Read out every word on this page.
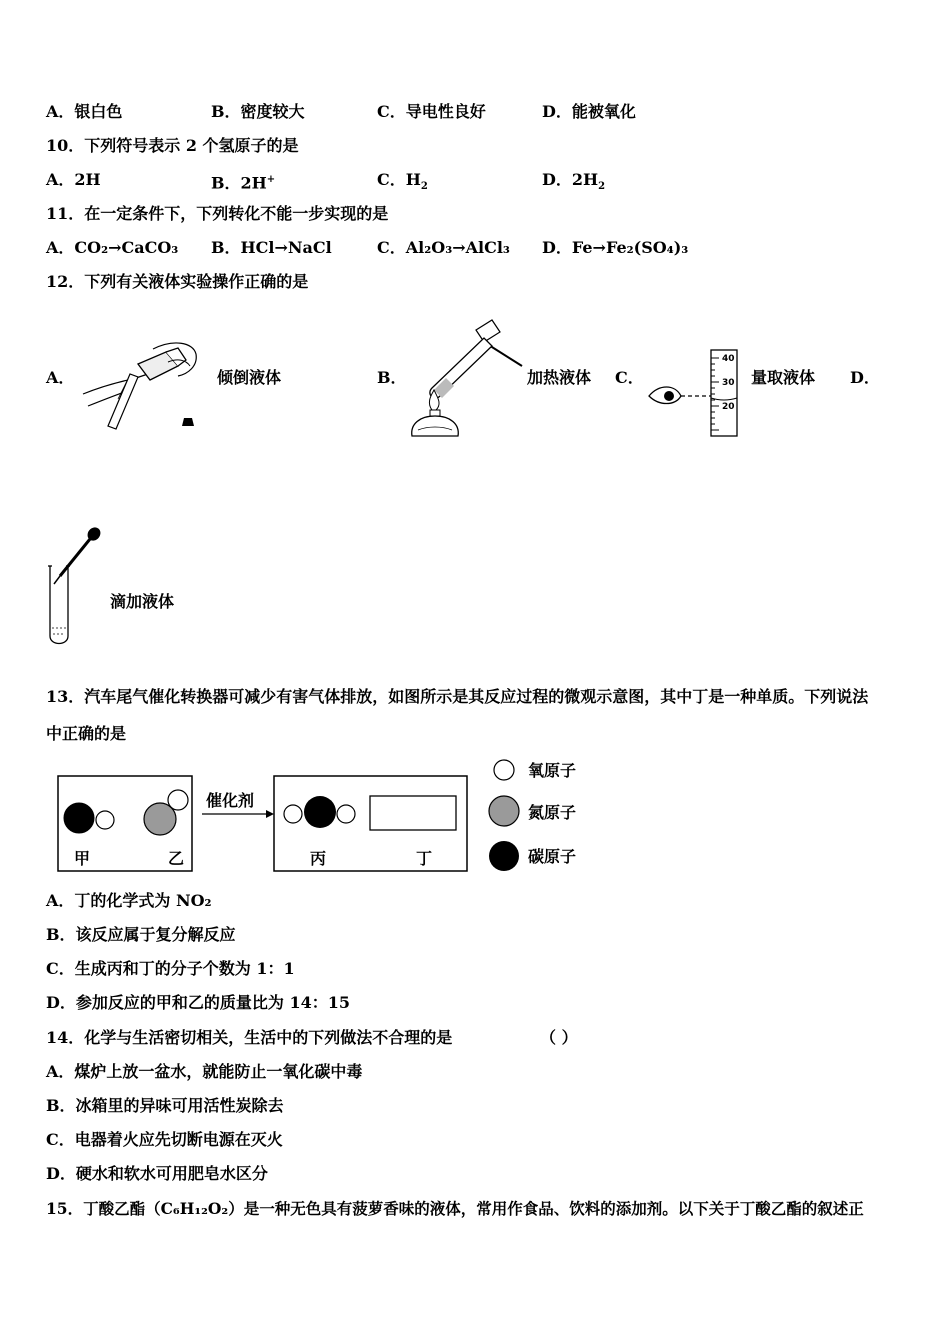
A．银白色	B．密度较大	C．导电性良好	D．能被氧化
10．下列符号表示 2 个氢原子的是
A．2H	B．2H+	C．$H_2$	D．$2H_2$
11．在一定条件下，下列转化不能一步实现的是
A．CO₂→CaCO₃ B．HCl→NaCl	C．Al₂O₃→AlCl₃ D．Fe→Fe₂(SO₄)₃
12．下列有关液体实验操作正确的是
A．	倾倒液体	B．	加热液体 C．
40
30
20
量取液体 D．
滴加液体
13．汽车尾气催化转换器可减少有害气体排放，如图所示是其反应过程的微观示意图，其中丁是一种单质。下列说法
中正确的是
甲	乙
催化剂
丙	丁
氧原子
氮原子
碳原子
A．丁的化学式为 NO₂
B．该反应属于复分解反应
C．生成丙和丁的分子个数为 1：1
D．参加反应的甲和乙的质量比为 14：15
14．化学与生活密切相关，生活中的下列做法不合理的是	（ ）
A．煤炉上放一盆水，就能防止一氧化碳中毒
B．冰箱里的异味可用活性炭除去
C．电器着火应先切断电源在灭火
D．硬水和软水可用肥皂水区分
15．丁酸乙酯（C₆H₁₂O₂）是一种无色具有菠萝香味的液体，常用作食品、饮料的添加剂。以下关于丁酸乙酯的叙述正
